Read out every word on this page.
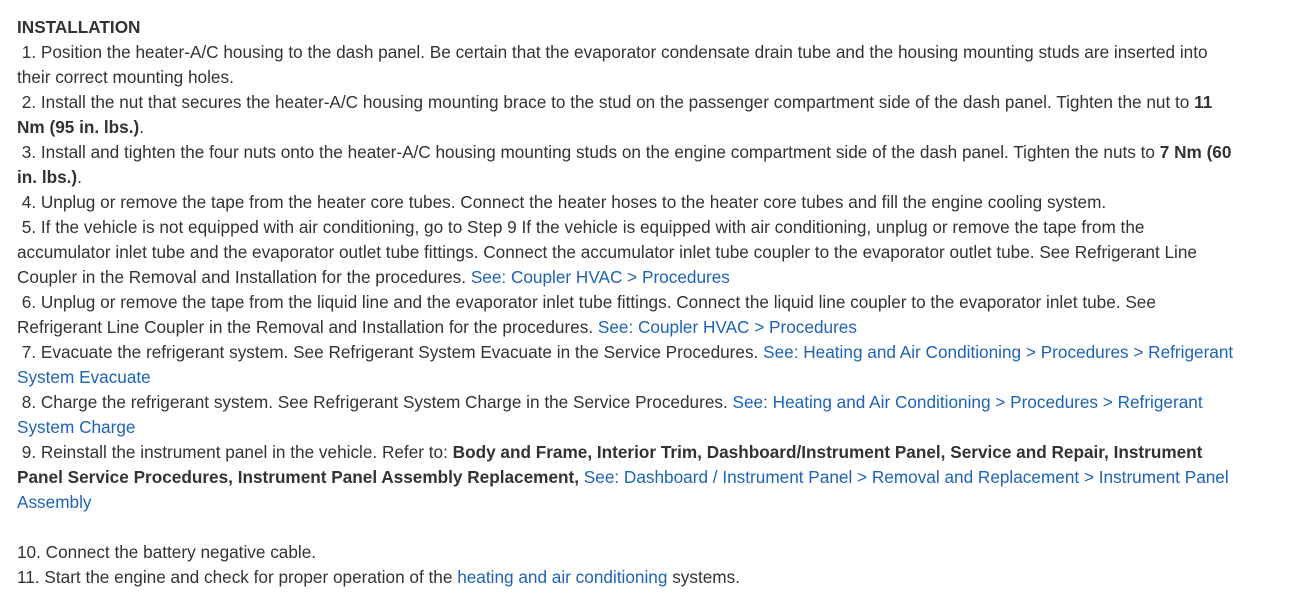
INSTALLATION

1. Position the heater-A/C housing to the dash panel. Be certain that the evaporator condensate drain tube and the housing mounting studs are inserted into their correct mounting holes.

2. Install the nut that secures the heater-A/C housing mounting brace to the stud on the passenger compartment side of the dash panel. Tighten the nut to 11 Nm (95 in. lbs.).

3. Install and tighten the four nuts onto the heater-A/C housing mounting studs on the engine compartment side of the dash panel. Tighten the nuts to 7 Nm (60 in. lbs.).

4. Unplug or remove the tape from the heater core tubes. Connect the heater hoses to the heater core tubes and fill the engine cooling system.

5. If the vehicle is not equipped with air conditioning, go to Step 9 If the vehicle is equipped with air conditioning, unplug or remove the tape from the accumulator inlet tube and the evaporator outlet tube fittings. Connect the accumulator inlet tube coupler to the evaporator outlet tube. See Refrigerant Line Coupler in the Removal and Installation for the procedures. See: Coupler HVAC > Procedures

6. Unplug or remove the tape from the liquid line and the evaporator inlet tube fittings. Connect the liquid line coupler to the evaporator inlet tube. See Refrigerant Line Coupler in the Removal and Installation for the procedures. See: Coupler HVAC > Procedures

7. Evacuate the refrigerant system. See Refrigerant System Evacuate in the Service Procedures. See: Heating and Air Conditioning > Procedures > Refrigerant System Evacuate

8. Charge the refrigerant system. See Refrigerant System Charge in the Service Procedures. See: Heating and Air Conditioning > Procedures > Refrigerant System Charge

9. Reinstall the instrument panel in the vehicle. Refer to: Body and Frame, Interior Trim, Dashboard/Instrument Panel, Service and Repair, Instrument Panel Service Procedures, Instrument Panel Assembly Replacement, See: Dashboard / Instrument Panel > Removal and Replacement > Instrument Panel Assembly

10. Connect the battery negative cable.

11. Start the engine and check for proper operation of the heating and air conditioning systems.
